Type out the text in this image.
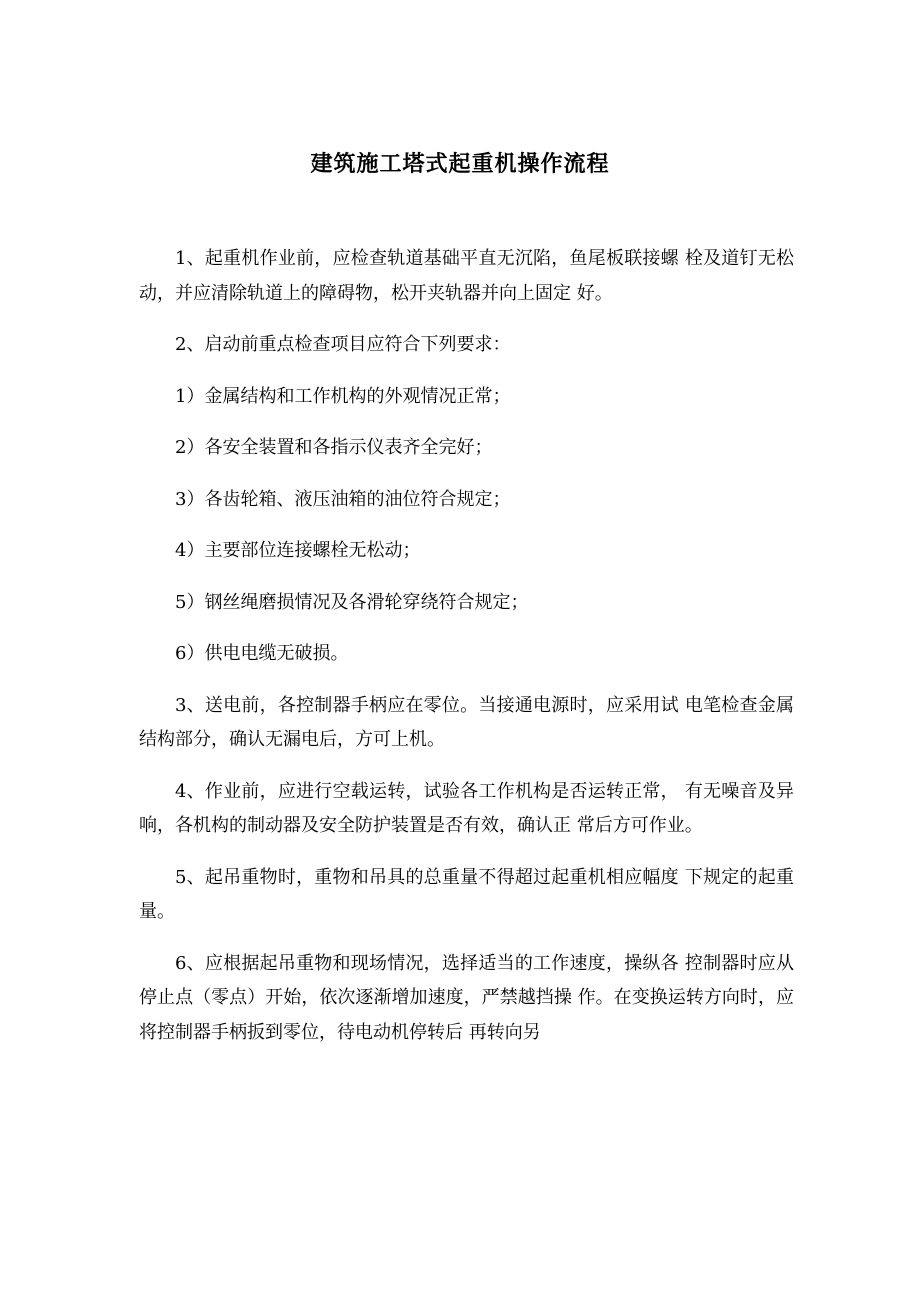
建筑施工塔式起重机操作流程

1、起重机作业前，应检查轨道基础平直无沉陷，鱼尾板联接螺 栓及道钉无松动，并应清除轨道上的障碍物，松开夹轨器并向上固定 好。

2、启动前重点检查项目应符合下列要求：

1）金属结构和工作机构的外观情况正常；

2）各安全装置和各指示仪表齐全完好；

3）各齿轮箱、液压油箱的油位符合规定；

4）主要部位连接螺栓无松动；

5）钢丝绳磨损情况及各滑轮穿绕符合规定；

6）供电电缆无破损。

3、送电前，各控制器手柄应在零位。当接通电源时，应采用试 电笔检查金属结构部分，确认无漏电后，方可上机。

4、作业前，应进行空载运转，试验各工作机构是否运转正常， 有无噪音及异响，各机构的制动器及安全防护装置是否有效，确认正 常后方可作业。

5、起吊重物时，重物和吊具的总重量不得超过起重机相应幅度 下规定的起重量。

6、应根据起吊重物和现场情况，选择适当的工作速度，操纵各 控制器时应从停止点（零点）开始，依次逐渐增加速度，严禁越挡操 作。在变换运转方向时，应将控制器手柄扳到零位，待电动机停转后 再转向另
